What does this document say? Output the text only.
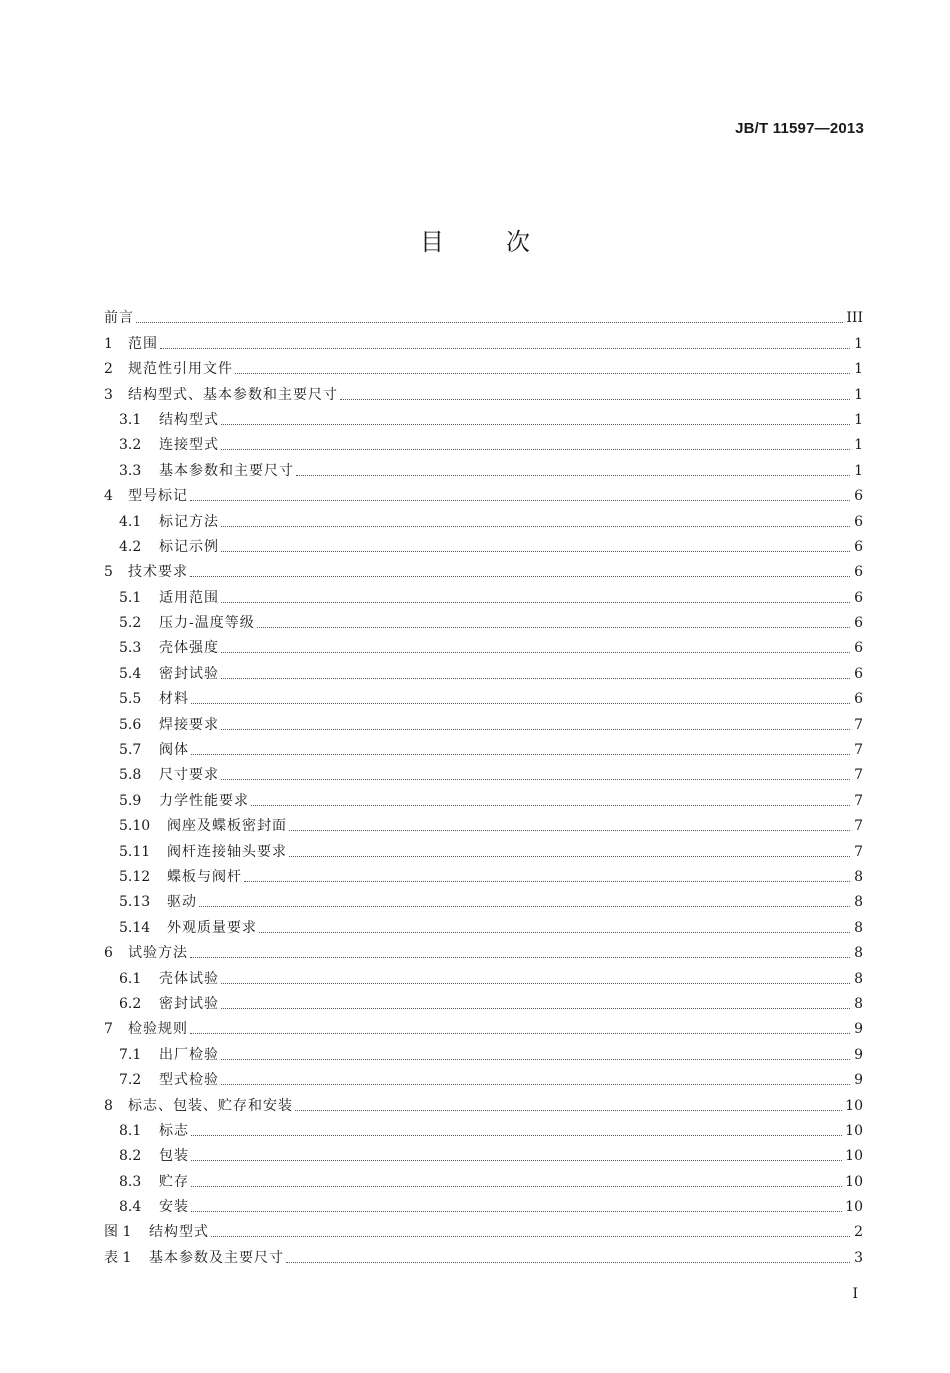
JB/T 11597—2013
目次
前言	III
1	范围	1
2	规范性引用文件	1
3	结构型式、基本参数和主要尺寸	1
3.1	结构型式	1
3.2	连接型式	1
3.3	基本参数和主要尺寸	1
4	型号标记	6
4.1	标记方法	6
4.2	标记示例	6
5	技术要求	6
5.1	适用范围	6
5.2	压力-温度等级	6
5.3	壳体强度	6
5.4	密封试验	6
5.5	材料	6
5.6	焊接要求	7
5.7	阀体	7
5.8	尺寸要求	7
5.9	力学性能要求	7
5.10	阀座及蝶板密封面	7
5.11	阀杆连接轴头要求	7
5.12	蝶板与阀杆	8
5.13	驱动	8
5.14	外观质量要求	8
6	试验方法	8
6.1	壳体试验	8
6.2	密封试验	8
7	检验规则	9
7.1	出厂检验	9
7.2	型式检验	9
8	标志、包装、贮存和安装	10
8.1	标志	10
8.2	包装	10
8.3	贮存	10
8.4	安装	10
图 1	结构型式	2
表 1	基本参数及主要尺寸	3
I
